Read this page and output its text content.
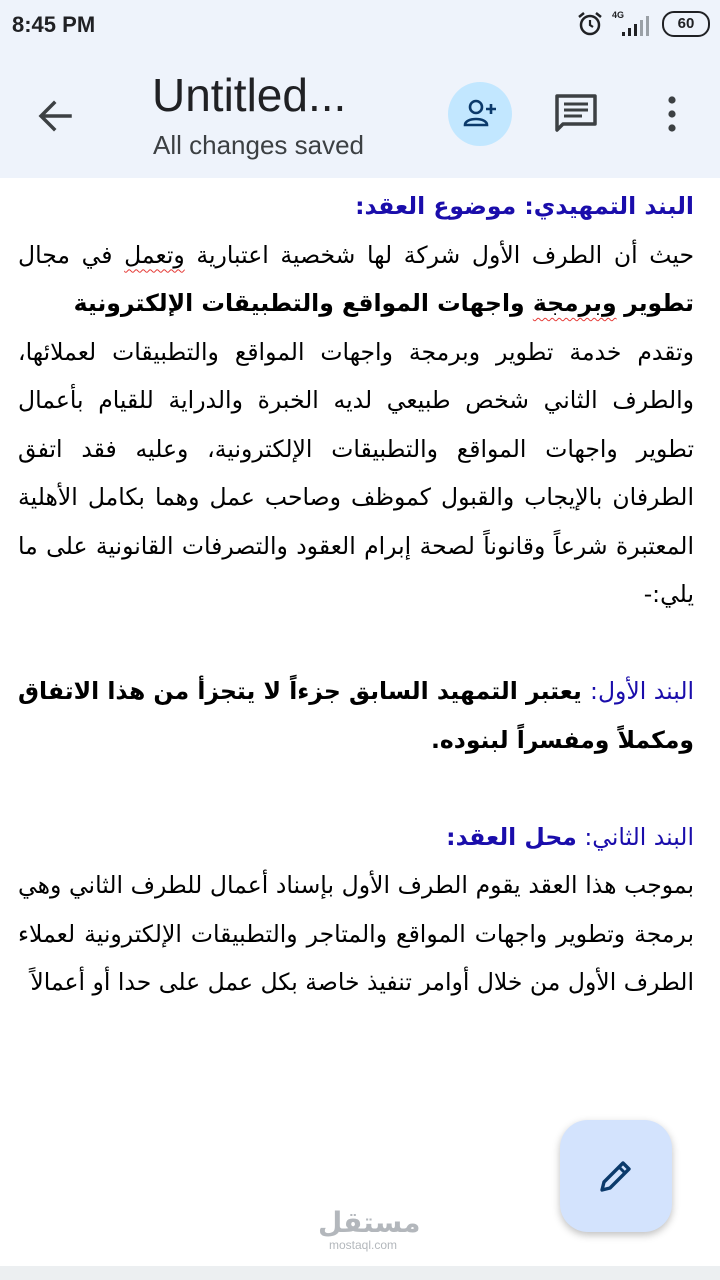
8:45 PM	4G	60
Untitled...
All changes saved

البند التمهيدي: موضوع العقد:

حيث أن الطرف الأول شركة لها شخصية اعتبارية وتعمل في مجال تطوير وبرمجة واجهات المواقع والتطبيقات الإلكترونية

وتقدم خدمة تطوير وبرمجة واجهات المواقع والتطبيقات لعملائها، والطرف الثاني شخص طبيعي لديه الخبرة والدراية للقيام بأعمال تطوير واجهات المواقع والتطبيقات الإلكترونية، وعليه فقد اتفق الطرفان بالإيجاب والقبول كموظف وصاحب عمل وهما بكامل الأهلية المعتبرة شرعاً وقانوناً لصحة إبرام العقود والتصرفات القانونية على ما يلي:-

البند الأول: يعتبر التمهيد السابق جزءاً لا يتجزأ من هذا الاتفاق ومكملاً ومفسراً لبنوده.

البند الثاني: محل العقد:

بموجب هذا العقد يقوم الطرف الأول بإسناد أعمال للطرف الثاني وهي برمجة وتطوير واجهات المواقع والمتاجر والتطبيقات الإلكترونية لعملاء الطرف الأول من خلال أوامر تنفيذ خاصة بكل عمل على حدا أو أعمالاً

مستقل
mostaql.com
